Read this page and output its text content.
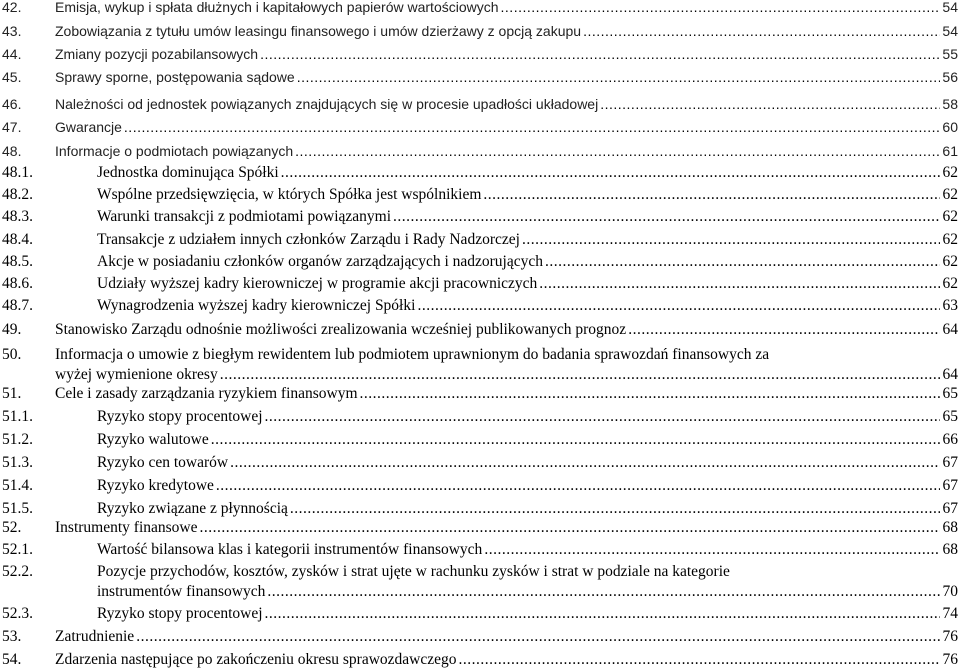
42. Emisja, wykup i spłata dłużnych i kapitałowych papierów wartościowych .....	54
43. Zobowiązania z tytułu umów leasingu finansowego i umów dzierżawy z opcją zakupu .....	54
44. Zmiany pozycji pozabilansowych .....	55
45. Sprawy sporne, postępowania sądowe .....	56
46. Należności od jednostek powiązanych znajdujących się w procesie upadłości układowej .....	58
47. Gwarancje .....	60
48. Informacje o podmiotach powiązanych .....	61
48.1.	Jednostka dominująca Spółki .....	62
48.2.	Wspólne przedsięwzięcia, w których Spółka jest wspólnikiem .....	62
48.3.	Warunki transakcji z podmiotami powiązanymi .....	62
48.4.	Transakcje z udziałem innych członków Zarządu i Rady Nadzorczej .....	62
48.5.	Akcje w posiadaniu członków organów zarządzających i nadzorujących .....	62
48.6.	Udziały wyższej kadry kierowniczej w programie akcji pracowniczych .....	62
48.7.	Wynagrodzenia wyższej kadry kierowniczej Spółki .....	63
49. Stanowisko Zarządu odnośnie możliwości zrealizowania wcześniej publikowanych prognoz .....	64
50. Informacja o umowie z biegłym rewidentem lub podmiotem uprawnionym do badania sprawozdań finansowych za
wyżej wymienione okresy .....	64
51. Cele i zasady zarządzania ryzykiem finansowym .....	65
51.1.	Ryzyko stopy procentowej .....	65
51.2.	Ryzyko walutowe .....	66
51.3.	Ryzyko cen towarów .....	67
51.4.	Ryzyko kredytowe .....	67
51.5.	Ryzyko związane z płynnością .....	67
52. Instrumenty finansowe .....	68
52.1.	Wartość bilansowa klas i kategorii instrumentów finansowych .....	68
52.2.	Pozycje przychodów, kosztów, zysków i strat ujęte w rachunku zysków i strat w podziale na kategorie
instrumentów finansowych .....	70
52.3.	Ryzyko stopy procentowej .....	74
53. Zatrudnienie .....	76
54. Zdarzenia następujące po zakończeniu okresu sprawozdawczego .....	76
